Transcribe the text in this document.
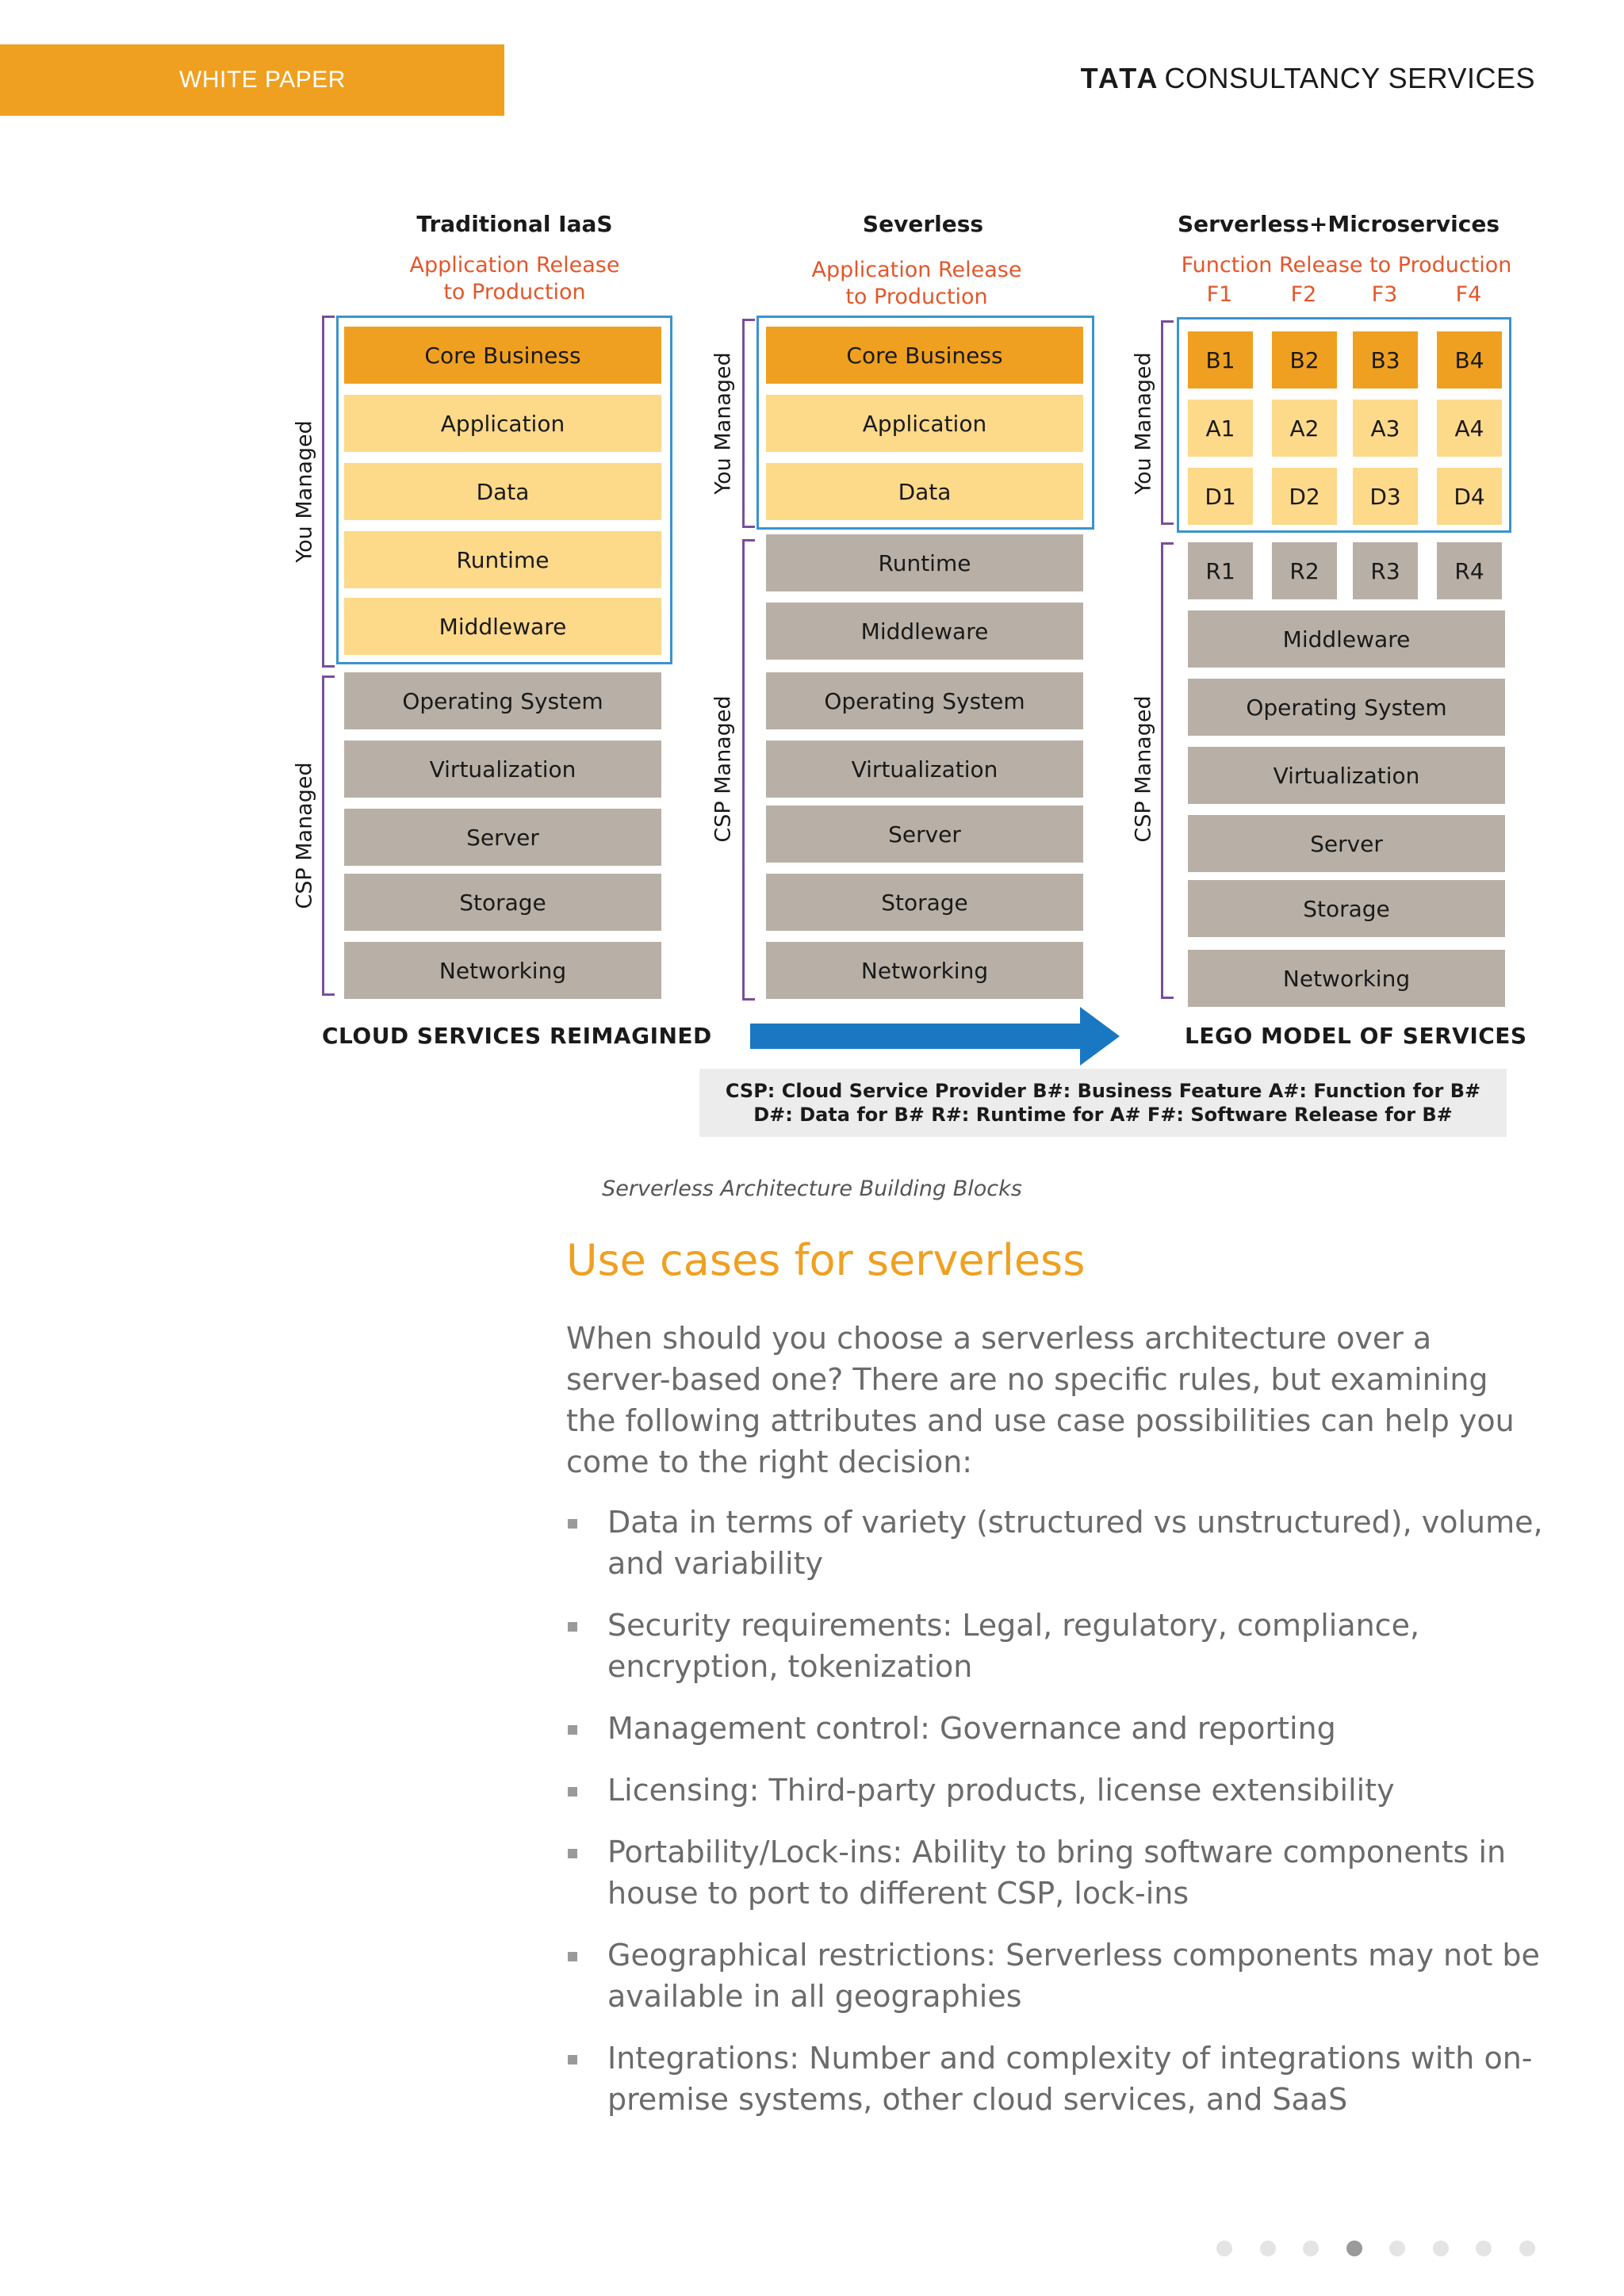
WHITE PAPER	TATA CONSULTANCY SERVICES
Traditional IaaS
Application Release
to Production
You Managed
CSP Managed
Core Business
Application
Data
Runtime
Middleware
Operating System
Virtualization
Server
Storage
Networking
Severless
Application Release
to Production
You Managed
CSP Managed
Core Business
Application
Data
Runtime
Middleware
Operating System
Virtualization
Server
Storage
Networking
Serverless+Microservices
Function Release to Production
F1	F2	F3	F4
You Managed
CSP Managed
B1	B2	B3	B4
A1	A2	A3	A4
D1	D2	D3	D4
R1	R2	R3	R4
Middleware
Operating System
Virtualization
Server
Storage
Networking
CLOUD SERVICES REIMAGINED	LEGO MODEL OF SERVICES
CSP: Cloud Service Provider B#: Business Feature A#: Function for B#
D#: Data for B# R#: Runtime for A# F#: Software Release for B#
Serverless Architecture Building Blocks
Use cases for serverless
When should you choose a serverless architecture over a server-based one? There are no specific rules, but examining the following attributes and use case possibilities can help you come to the right decision:
Data in terms of variety (structured vs unstructured), volume, and variability
Security requirements: Legal, regulatory, compliance, encryption, tokenization
Management control: Governance and reporting
Licensing: Third-party products, license extensibility
Portability/Lock-ins: Ability to bring software components in house to port to different CSP, lock-ins
Geographical restrictions: Serverless components may not be available in all geographies
Integrations: Number and complexity of integrations with on-premise systems, other cloud services, and SaaS
